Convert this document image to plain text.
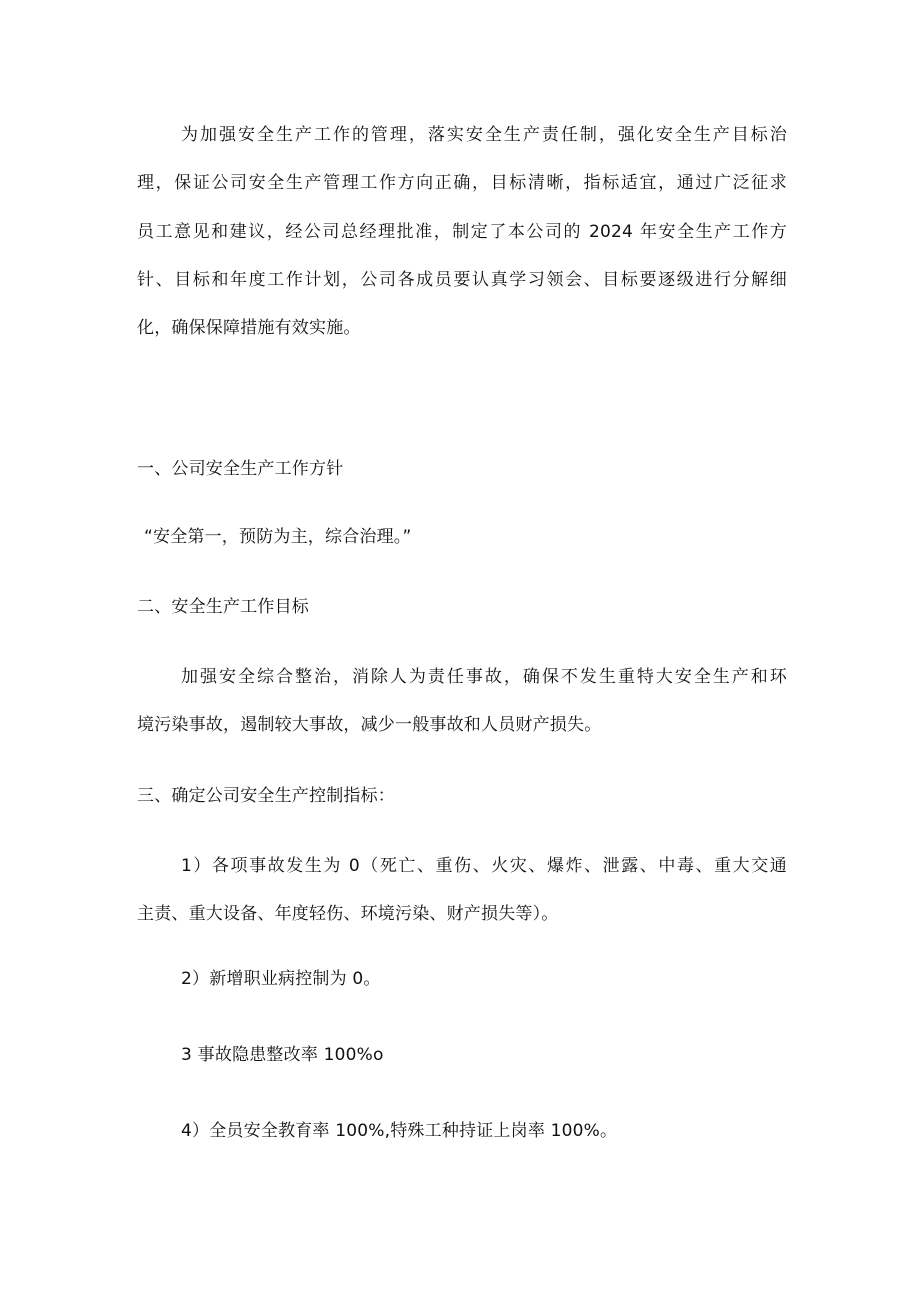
为加强安全生产工作的管理，落实安全生产责任制，强化安全生产目标治
理，保证公司安全生产管理工作方向正确，目标清晰，指标适宜，通过广泛征求
员工意见和建议，经公司总经理批准，制定了本公司的 2024 年安全生产工作方
针、目标和年度工作计划，公司各成员要认真学习领会、目标要逐级进行分解细
化，确保保障措施有效实施。
一、公司安全生产工作方针
“安全第一，预防为主，综合治理。”
二、安全生产工作目标
加强安全综合整治，消除人为责任事故，确保不发生重特大安全生产和环
境污染事故，遏制较大事故，减少一般事故和人员财产损失。
三、确定公司安全生产控制指标：
1）各项事故发生为 0（死亡、重伤、火灾、爆炸、泄露、中毒、重大交通
主责、重大设备、年度轻伤、环境污染、财产损失等）。
2）新增职业病控制为 0。
3 事故隐患整改率 100%o
4）全员安全教育率 100%,特殊工种持证上岗率 100%。
